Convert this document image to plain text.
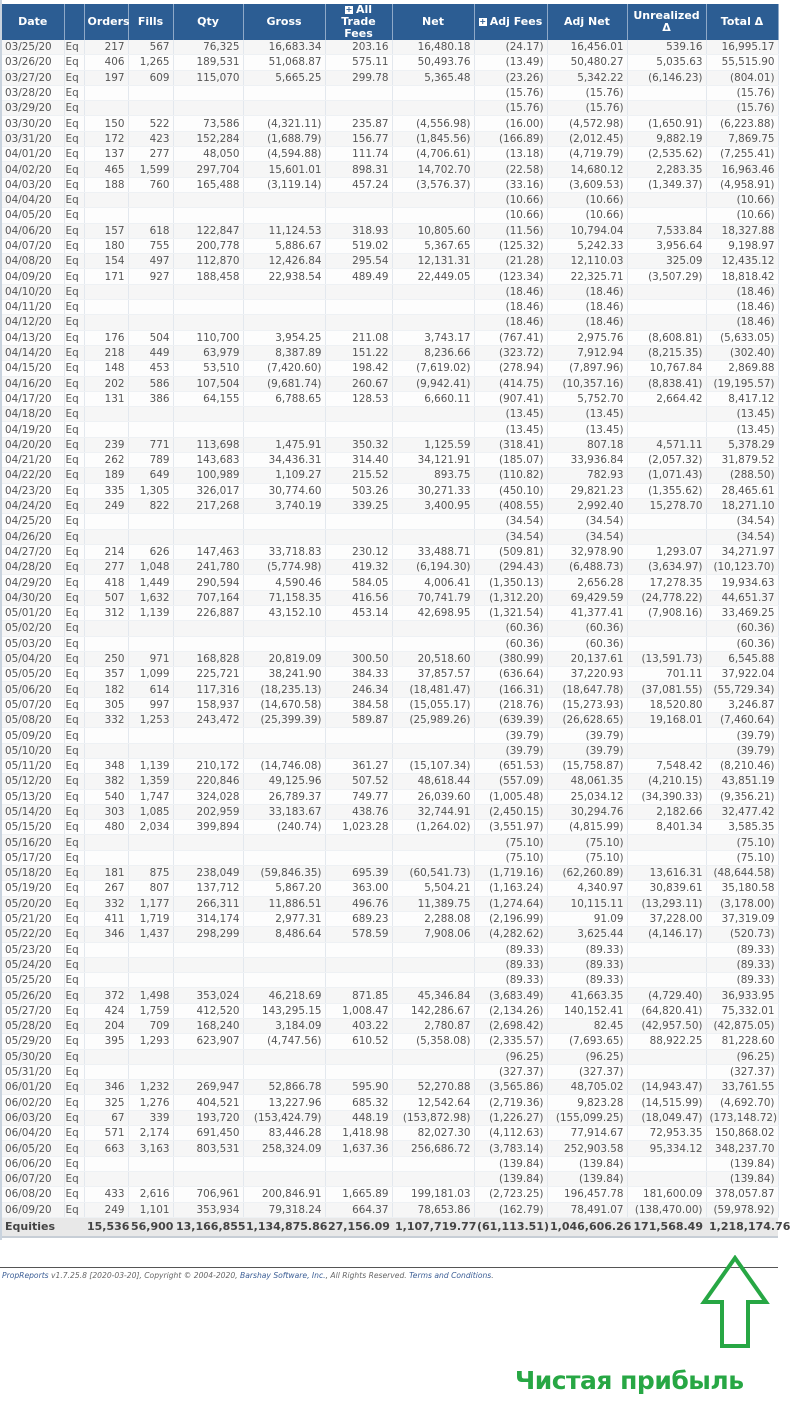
Date		Orders	Fills	Qty	Gross	+ All Trade Fees	Net	+ Adj Fees	Adj Net	Unrealized Δ	Total Δ
03/25/20	Eq	217	567	76,325	16,683.34	203.16	16,480.18	(24.17)	16,456.01	539.16	16,995.17
03/26/20	Eq	406	1,265	189,531	51,068.87	575.11	50,493.76	(13.49)	50,480.27	5,035.63	55,515.90
03/27/20	Eq	197	609	115,070	5,665.25	299.78	5,365.48	(23.26)	5,342.22	(6,146.23)	(804.01)
03/28/20	Eq							(15.76)	(15.76)		(15.76)
03/29/20	Eq							(15.76)	(15.76)		(15.76)
03/30/20	Eq	150	522	73,586	(4,321.11)	235.87	(4,556.98)	(16.00)	(4,572.98)	(1,650.91)	(6,223.88)
03/31/20	Eq	172	423	152,284	(1,688.79)	156.77	(1,845.56)	(166.89)	(2,012.45)	9,882.19	7,869.75
04/01/20	Eq	137	277	48,050	(4,594.88)	111.74	(4,706.61)	(13.18)	(4,719.79)	(2,535.62)	(7,255.41)
04/02/20	Eq	465	1,599	297,704	15,601.01	898.31	14,702.70	(22.58)	14,680.12	2,283.35	16,963.46
04/03/20	Eq	188	760	165,488	(3,119.14)	457.24	(3,576.37)	(33.16)	(3,609.53)	(1,349.37)	(4,958.91)
04/04/20	Eq							(10.66)	(10.66)		(10.66)
04/05/20	Eq							(10.66)	(10.66)		(10.66)
04/06/20	Eq	157	618	122,847	11,124.53	318.93	10,805.60	(11.56)	10,794.04	7,533.84	18,327.88
04/07/20	Eq	180	755	200,778	5,886.67	519.02	5,367.65	(125.32)	5,242.33	3,956.64	9,198.97
04/08/20	Eq	154	497	112,870	12,426.84	295.54	12,131.31	(21.28)	12,110.03	325.09	12,435.12
04/09/20	Eq	171	927	188,458	22,938.54	489.49	22,449.05	(123.34)	22,325.71	(3,507.29)	18,818.42
04/10/20	Eq							(18.46)	(18.46)		(18.46)
04/11/20	Eq							(18.46)	(18.46)		(18.46)
04/12/20	Eq							(18.46)	(18.46)		(18.46)
04/13/20	Eq	176	504	110,700	3,954.25	211.08	3,743.17	(767.41)	2,975.76	(8,608.81)	(5,633.05)
04/14/20	Eq	218	449	63,979	8,387.89	151.22	8,236.66	(323.72)	7,912.94	(8,215.35)	(302.40)
04/15/20	Eq	148	453	53,510	(7,420.60)	198.42	(7,619.02)	(278.94)	(7,897.96)	10,767.84	2,869.88
04/16/20	Eq	202	586	107,504	(9,681.74)	260.67	(9,942.41)	(414.75)	(10,357.16)	(8,838.41)	(19,195.57)
04/17/20	Eq	131	386	64,155	6,788.65	128.53	6,660.11	(907.41)	5,752.70	2,664.42	8,417.12
04/18/20	Eq							(13.45)	(13.45)		(13.45)
04/19/20	Eq							(13.45)	(13.45)		(13.45)
04/20/20	Eq	239	771	113,698	1,475.91	350.32	1,125.59	(318.41)	807.18	4,571.11	5,378.29
04/21/20	Eq	262	789	143,683	34,436.31	314.40	34,121.91	(185.07)	33,936.84	(2,057.32)	31,879.52
04/22/20	Eq	189	649	100,989	1,109.27	215.52	893.75	(110.82)	782.93	(1,071.43)	(288.50)
04/23/20	Eq	335	1,305	326,017	30,774.60	503.26	30,271.33	(450.10)	29,821.23	(1,355.62)	28,465.61
04/24/20	Eq	249	822	217,268	3,740.19	339.25	3,400.95	(408.55)	2,992.40	15,278.70	18,271.10
04/25/20	Eq							(34.54)	(34.54)		(34.54)
04/26/20	Eq							(34.54)	(34.54)		(34.54)
04/27/20	Eq	214	626	147,463	33,718.83	230.12	33,488.71	(509.81)	32,978.90	1,293.07	34,271.97
04/28/20	Eq	277	1,048	241,780	(5,774.98)	419.32	(6,194.30)	(294.43)	(6,488.73)	(3,634.97)	(10,123.70)
04/29/20	Eq	418	1,449	290,594	4,590.46	584.05	4,006.41	(1,350.13)	2,656.28	17,278.35	19,934.63
04/30/20	Eq	507	1,632	707,164	71,158.35	416.56	70,741.79	(1,312.20)	69,429.59	(24,778.22)	44,651.37
05/01/20	Eq	312	1,139	226,887	43,152.10	453.14	42,698.95	(1,321.54)	41,377.41	(7,908.16)	33,469.25
05/02/20	Eq							(60.36)	(60.36)		(60.36)
05/03/20	Eq							(60.36)	(60.36)		(60.36)
05/04/20	Eq	250	971	168,828	20,819.09	300.50	20,518.60	(380.99)	20,137.61	(13,591.73)	6,545.88
05/05/20	Eq	357	1,099	225,721	38,241.90	384.33	37,857.57	(636.64)	37,220.93	701.11	37,922.04
05/06/20	Eq	182	614	117,316	(18,235.13)	246.34	(18,481.47)	(166.31)	(18,647.78)	(37,081.55)	(55,729.34)
05/07/20	Eq	305	997	158,937	(14,670.58)	384.58	(15,055.17)	(218.76)	(15,273.93)	18,520.80	3,246.87
05/08/20	Eq	332	1,253	243,472	(25,399.39)	589.87	(25,989.26)	(639.39)	(26,628.65)	19,168.01	(7,460.64)
05/09/20	Eq							(39.79)	(39.79)		(39.79)
05/10/20	Eq							(39.79)	(39.79)		(39.79)
05/11/20	Eq	348	1,139	210,172	(14,746.08)	361.27	(15,107.34)	(651.53)	(15,758.87)	7,548.42	(8,210.46)
05/12/20	Eq	382	1,359	220,846	49,125.96	507.52	48,618.44	(557.09)	48,061.35	(4,210.15)	43,851.19
05/13/20	Eq	540	1,747	324,028	26,789.37	749.77	26,039.60	(1,005.48)	25,034.12	(34,390.33)	(9,356.21)
05/14/20	Eq	303	1,085	202,959	33,183.67	438.76	32,744.91	(2,450.15)	30,294.76	2,182.66	32,477.42
05/15/20	Eq	480	2,034	399,894	(240.74)	1,023.28	(1,264.02)	(3,551.97)	(4,815.99)	8,401.34	3,585.35
05/16/20	Eq							(75.10)	(75.10)		(75.10)
05/17/20	Eq							(75.10)	(75.10)		(75.10)
05/18/20	Eq	181	875	238,049	(59,846.35)	695.39	(60,541.73)	(1,719.16)	(62,260.89)	13,616.31	(48,644.58)
05/19/20	Eq	267	807	137,712	5,867.20	363.00	5,504.21	(1,163.24)	4,340.97	30,839.61	35,180.58
05/20/20	Eq	332	1,177	266,311	11,886.51	496.76	11,389.75	(1,274.64)	10,115.11	(13,293.11)	(3,178.00)
05/21/20	Eq	411	1,719	314,174	2,977.31	689.23	2,288.08	(2,196.99)	91.09	37,228.00	37,319.09
05/22/20	Eq	346	1,437	298,299	8,486.64	578.59	7,908.06	(4,282.62)	3,625.44	(4,146.17)	(520.73)
05/23/20	Eq							(89.33)	(89.33)		(89.33)
05/24/20	Eq							(89.33)	(89.33)		(89.33)
05/25/20	Eq							(89.33)	(89.33)		(89.33)
05/26/20	Eq	372	1,498	353,024	46,218.69	871.85	45,346.84	(3,683.49)	41,663.35	(4,729.40)	36,933.95
05/27/20	Eq	424	1,759	412,520	143,295.15	1,008.47	142,286.67	(2,134.26)	140,152.41	(64,820.41)	75,332.01
05/28/20	Eq	204	709	168,240	3,184.09	403.22	2,780.87	(2,698.42)	82.45	(42,957.50)	(42,875.05)
05/29/20	Eq	395	1,293	623,907	(4,747.56)	610.52	(5,358.08)	(2,335.57)	(7,693.65)	88,922.25	81,228.60
05/30/20	Eq							(96.25)	(96.25)		(96.25)
05/31/20	Eq							(327.37)	(327.37)		(327.37)
06/01/20	Eq	346	1,232	269,947	52,866.78	595.90	52,270.88	(3,565.86)	48,705.02	(14,943.47)	33,761.55
06/02/20	Eq	325	1,276	404,521	13,227.96	685.32	12,542.64	(2,719.36)	9,823.28	(14,515.99)	(4,692.70)
06/03/20	Eq	67	339	193,720	(153,424.79)	448.19	(153,872.98)	(1,226.27)	(155,099.25)	(18,049.47)	(173,148.72)
06/04/20	Eq	571	2,174	691,450	83,446.28	1,418.98	82,027.30	(4,112.63)	77,914.67	72,953.35	150,868.02
06/05/20	Eq	663	3,163	803,531	258,324.09	1,637.36	256,686.72	(3,783.14)	252,903.58	95,334.12	348,237.70
06/06/20	Eq							(139.84)	(139.84)		(139.84)
06/07/20	Eq							(139.84)	(139.84)		(139.84)
06/08/20	Eq	433	2,616	706,961	200,846.91	1,665.89	199,181.03	(2,723.25)	196,457.78	181,600.09	378,057.87
06/09/20	Eq	249	1,101	353,934	79,318.24	664.37	78,653.86	(162.79)	78,491.07	(138,470.00)	(59,978.92)
Equities		15,536	56,900	13,166,855	1,134,875.86	27,156.09	1,107,719.77	(61,113.51)	1,046,606.26	171,568.49	1,218,174.76
PropReports v1.7.25.8 [2020-03-20], Copyright © 2004-2020, Barshay Software, Inc., All Rights Reserved. Terms and Conditions.
Чистая прибыль
